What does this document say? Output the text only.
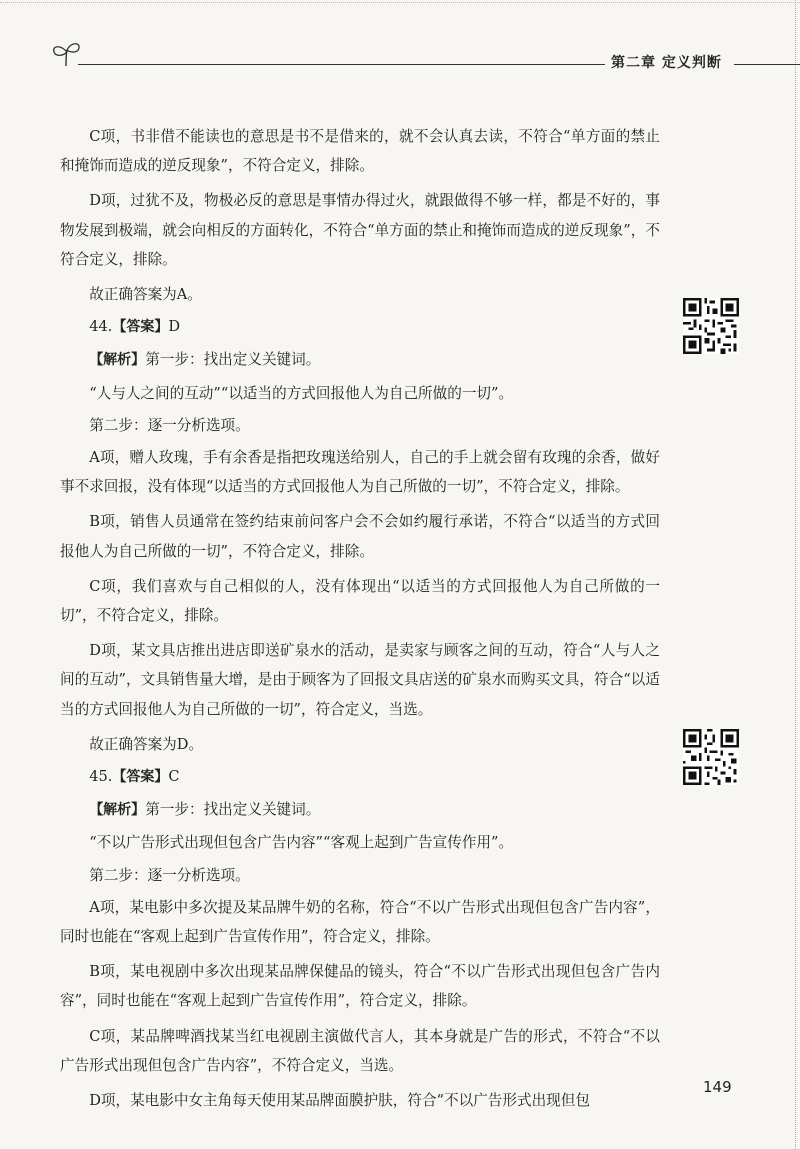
第二章 定义判断

C项，书非借不能读也的意思是书不是借来的，就不会认真去读，不符合“单方面的禁止和掩饰而造成的逆反现象”，不符合定义，排除。

D项，过犹不及，物极必反的意思是事情办得过火，就跟做得不够一样，都是不好的，事物发展到极端，就会向相反的方面转化，不符合“单方面的禁止和掩饰而造成的逆反现象”，不符合定义，排除。

故正确答案为A。

44.【答案】D

【解析】第一步：找出定义关键词。

“人与人之间的互动”“以适当的方式回报他人为自己所做的一切”。

第二步：逐一分析选项。

A项，赠人玫瑰，手有余香是指把玫瑰送给别人，自己的手上就会留有玫瑰的余香，做好事不求回报，没有体现“以适当的方式回报他人为自己所做的一切”，不符合定义，排除。

B项，销售人员通常在签约结束前问客户会不会如约履行承诺，不符合“以适当的方式回报他人为自己所做的一切”，不符合定义，排除。

C项，我们喜欢与自己相似的人，没有体现出“以适当的方式回报他人为自己所做的一切”，不符合定义，排除。

D项，某文具店推出进店即送矿泉水的活动，是卖家与顾客之间的互动，符合“人与人之间的互动”，文具销售量大增，是由于顾客为了回报文具店送的矿泉水而购买文具，符合“以适当的方式回报他人为自己所做的一切”，符合定义，当选。

故正确答案为D。

45.【答案】C

【解析】第一步：找出定义关键词。

“不以广告形式出现但包含广告内容”“客观上起到广告宣传作用”。

第二步：逐一分析选项。

A项，某电影中多次提及某品牌牛奶的名称，符合“不以广告形式出现但包含广告内容”，同时也能在“客观上起到广告宣传作用”，符合定义，排除。

B项，某电视剧中多次出现某品牌保健品的镜头，符合“不以广告形式出现但包含广告内容”，同时也能在“客观上起到广告宣传作用”，符合定义，排除。

C项，某品牌啤酒找某当红电视剧主演做代言人，其本身就是广告的形式，不符合“不以广告形式出现但包含广告内容”，不符合定义，当选。

D项，某电影中女主角每天使用某品牌面膜护肤，符合“不以广告形式出现但包

149
